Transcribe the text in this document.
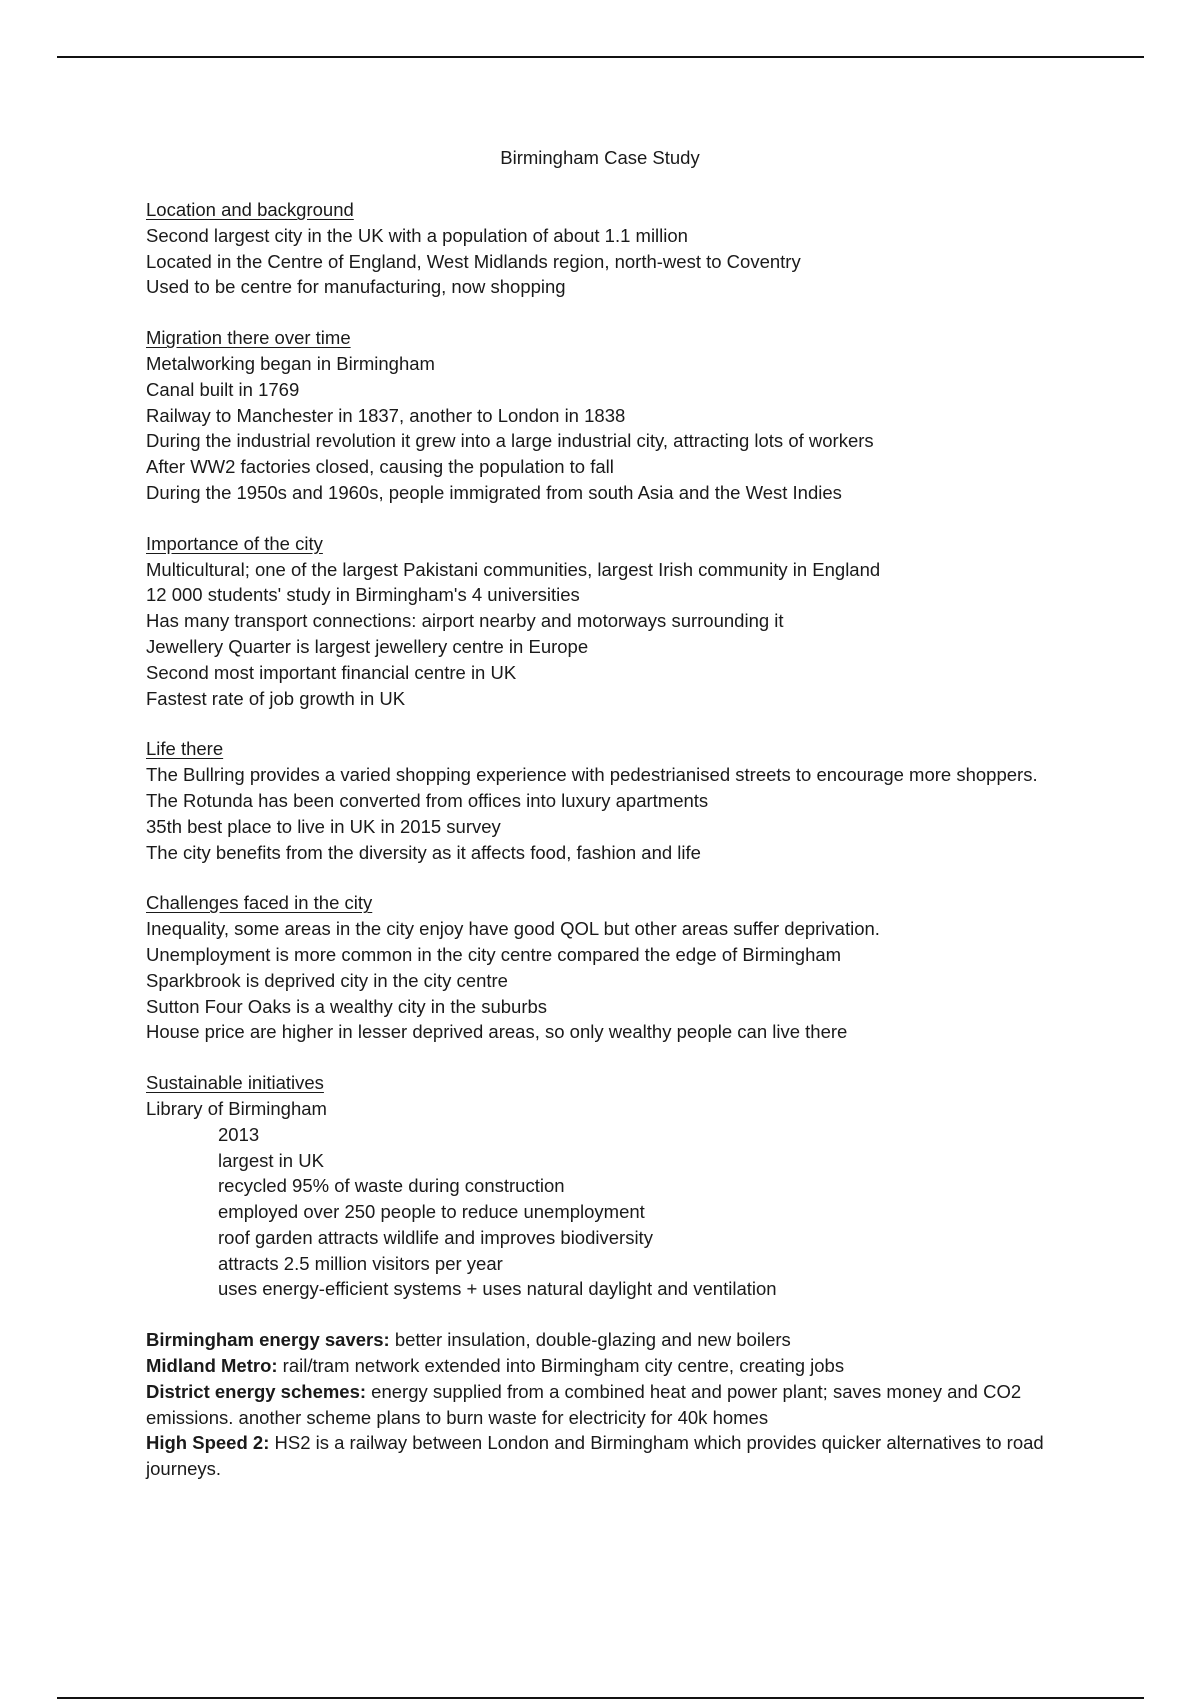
Birmingham Case Study
Location and background
Second largest city in the UK with a population of about 1.1 million
Located in the Centre of England, West Midlands region, north-west to Coventry
Used to be centre for manufacturing, now shopping
Migration there over time
Metalworking began in Birmingham
Canal built in 1769
Railway to Manchester in 1837, another to London in 1838
During the industrial revolution it grew into a large industrial city, attracting lots of workers
After WW2 factories closed, causing the population to fall
During the 1950s and 1960s, people immigrated from south Asia and the West Indies
Importance of the city
Multicultural; one of the largest Pakistani communities, largest Irish community in England
12 000 students' study in Birmingham's 4 universities
Has many transport connections: airport nearby and motorways surrounding it
Jewellery Quarter is largest jewellery centre in Europe
Second most important financial centre in UK
Fastest rate of job growth in UK
Life there
The Bullring provides a varied shopping experience with pedestrianised streets to encourage more shoppers.
The Rotunda has been converted from offices into luxury apartments
35th best place to live in UK in 2015 survey
The city benefits from the diversity as it affects food, fashion and life
Challenges faced in the city
Inequality, some areas in the city enjoy have good QOL but other areas suffer deprivation.
Unemployment is more common in the city centre compared the edge of Birmingham
Sparkbrook is deprived city in the city centre
Sutton Four Oaks is a wealthy city in the suburbs
House price are higher in lesser deprived areas, so only wealthy people can live there
Sustainable initiatives
Library of Birmingham
2013
largest in UK
recycled 95% of waste during construction
employed over 250 people to reduce unemployment
roof garden attracts wildlife and improves biodiversity
attracts 2.5 million visitors per year
uses energy-efficient systems + uses natural daylight and ventilation
Birmingham energy savers: better insulation, double-glazing and new boilers
Midland Metro: rail/tram network extended into Birmingham city centre, creating jobs
District energy schemes: energy supplied from a combined heat and power plant; saves money and CO2 emissions. another scheme plans to burn waste for electricity for 40k homes
High Speed 2: HS2 is a railway between London and Birmingham which provides quicker alternatives to road journeys.
